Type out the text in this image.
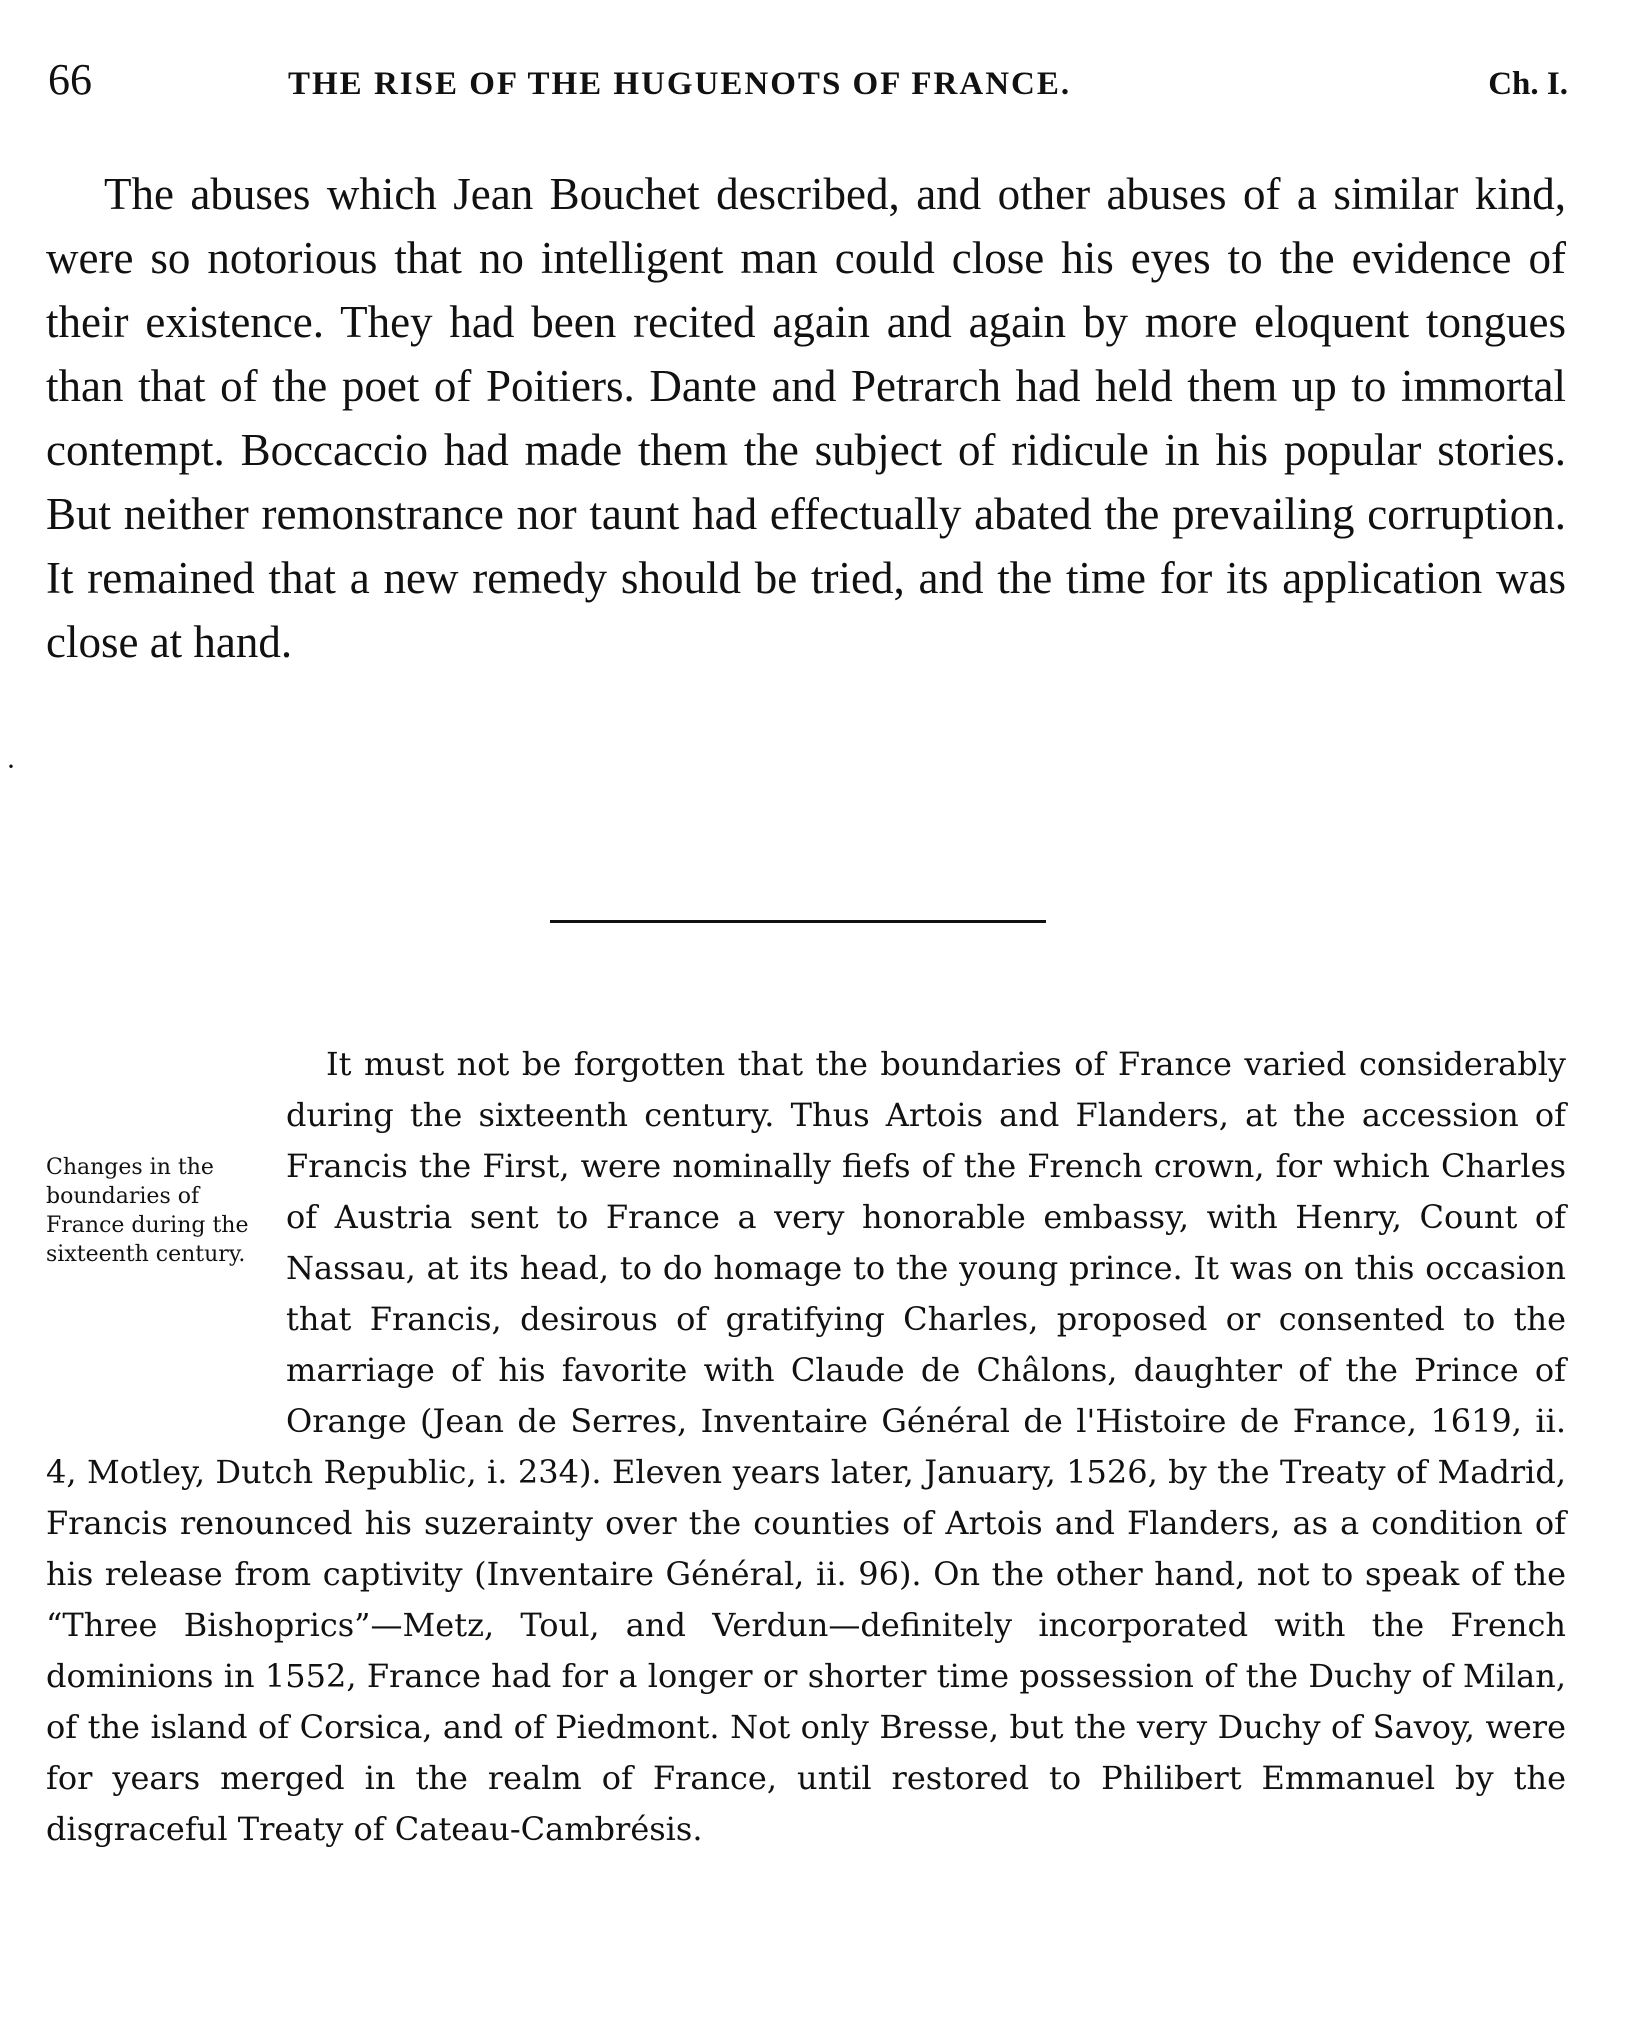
66	THE RISE OF THE HUGUENOTS OF FRANCE.	Ch. I.
·

The abuses which Jean Bouchet described, and other abuses of a similar kind, were so notorious that no intelligent man could close his eyes to the evidence of their existence. They had been recited again and again by more eloquent tongues than that of the poet of Poitiers. Dante and Petrarch had held them up to immortal contempt. Boccaccio had made them the subject of ridicule in his popular stories. But neither remonstrance nor taunt had effectually abated the prevailing corruption. It remained that a new remedy should be tried, and the time for its application was close at hand.

Changes in the boundaries of France during the sixteenth century.
It must not be forgotten that the boundaries of France varied considerably during the sixteenth century. Thus Artois and Flanders, at the accession of Francis the First, were nominally fiefs of the French crown, for which Charles of Austria sent to France a very honorable embassy, with Henry, Count of Nassau, at its head, to do homage to the young prince. It was on this occasion that Francis, desirous of gratifying Charles, proposed or consented to the marriage of his favorite with Claude de Châlons, daughter of the Prince of Orange (Jean de Serres, Inventaire Général de l'Histoire de France, 1619, ii. 4, Motley, Dutch Republic, i. 234). Eleven years later, January, 1526, by the Treaty of Madrid, Francis renounced his suzerainty over the counties of Artois and Flanders, as a condition of his release from captivity (Inventaire Général, ii. 96). On the other hand, not to speak of the “Three Bishoprics”—Metz, Toul, and Verdun—definitely incorporated with the French dominions in 1552, France had for a longer or shorter time possession of the Duchy of Milan, of the island of Corsica, and of Piedmont. Not only Bresse, but the very Duchy of Savoy, were for years merged in the realm of France, until restored to Philibert Emmanuel by the disgraceful Treaty of Cateau-Cambrésis.
